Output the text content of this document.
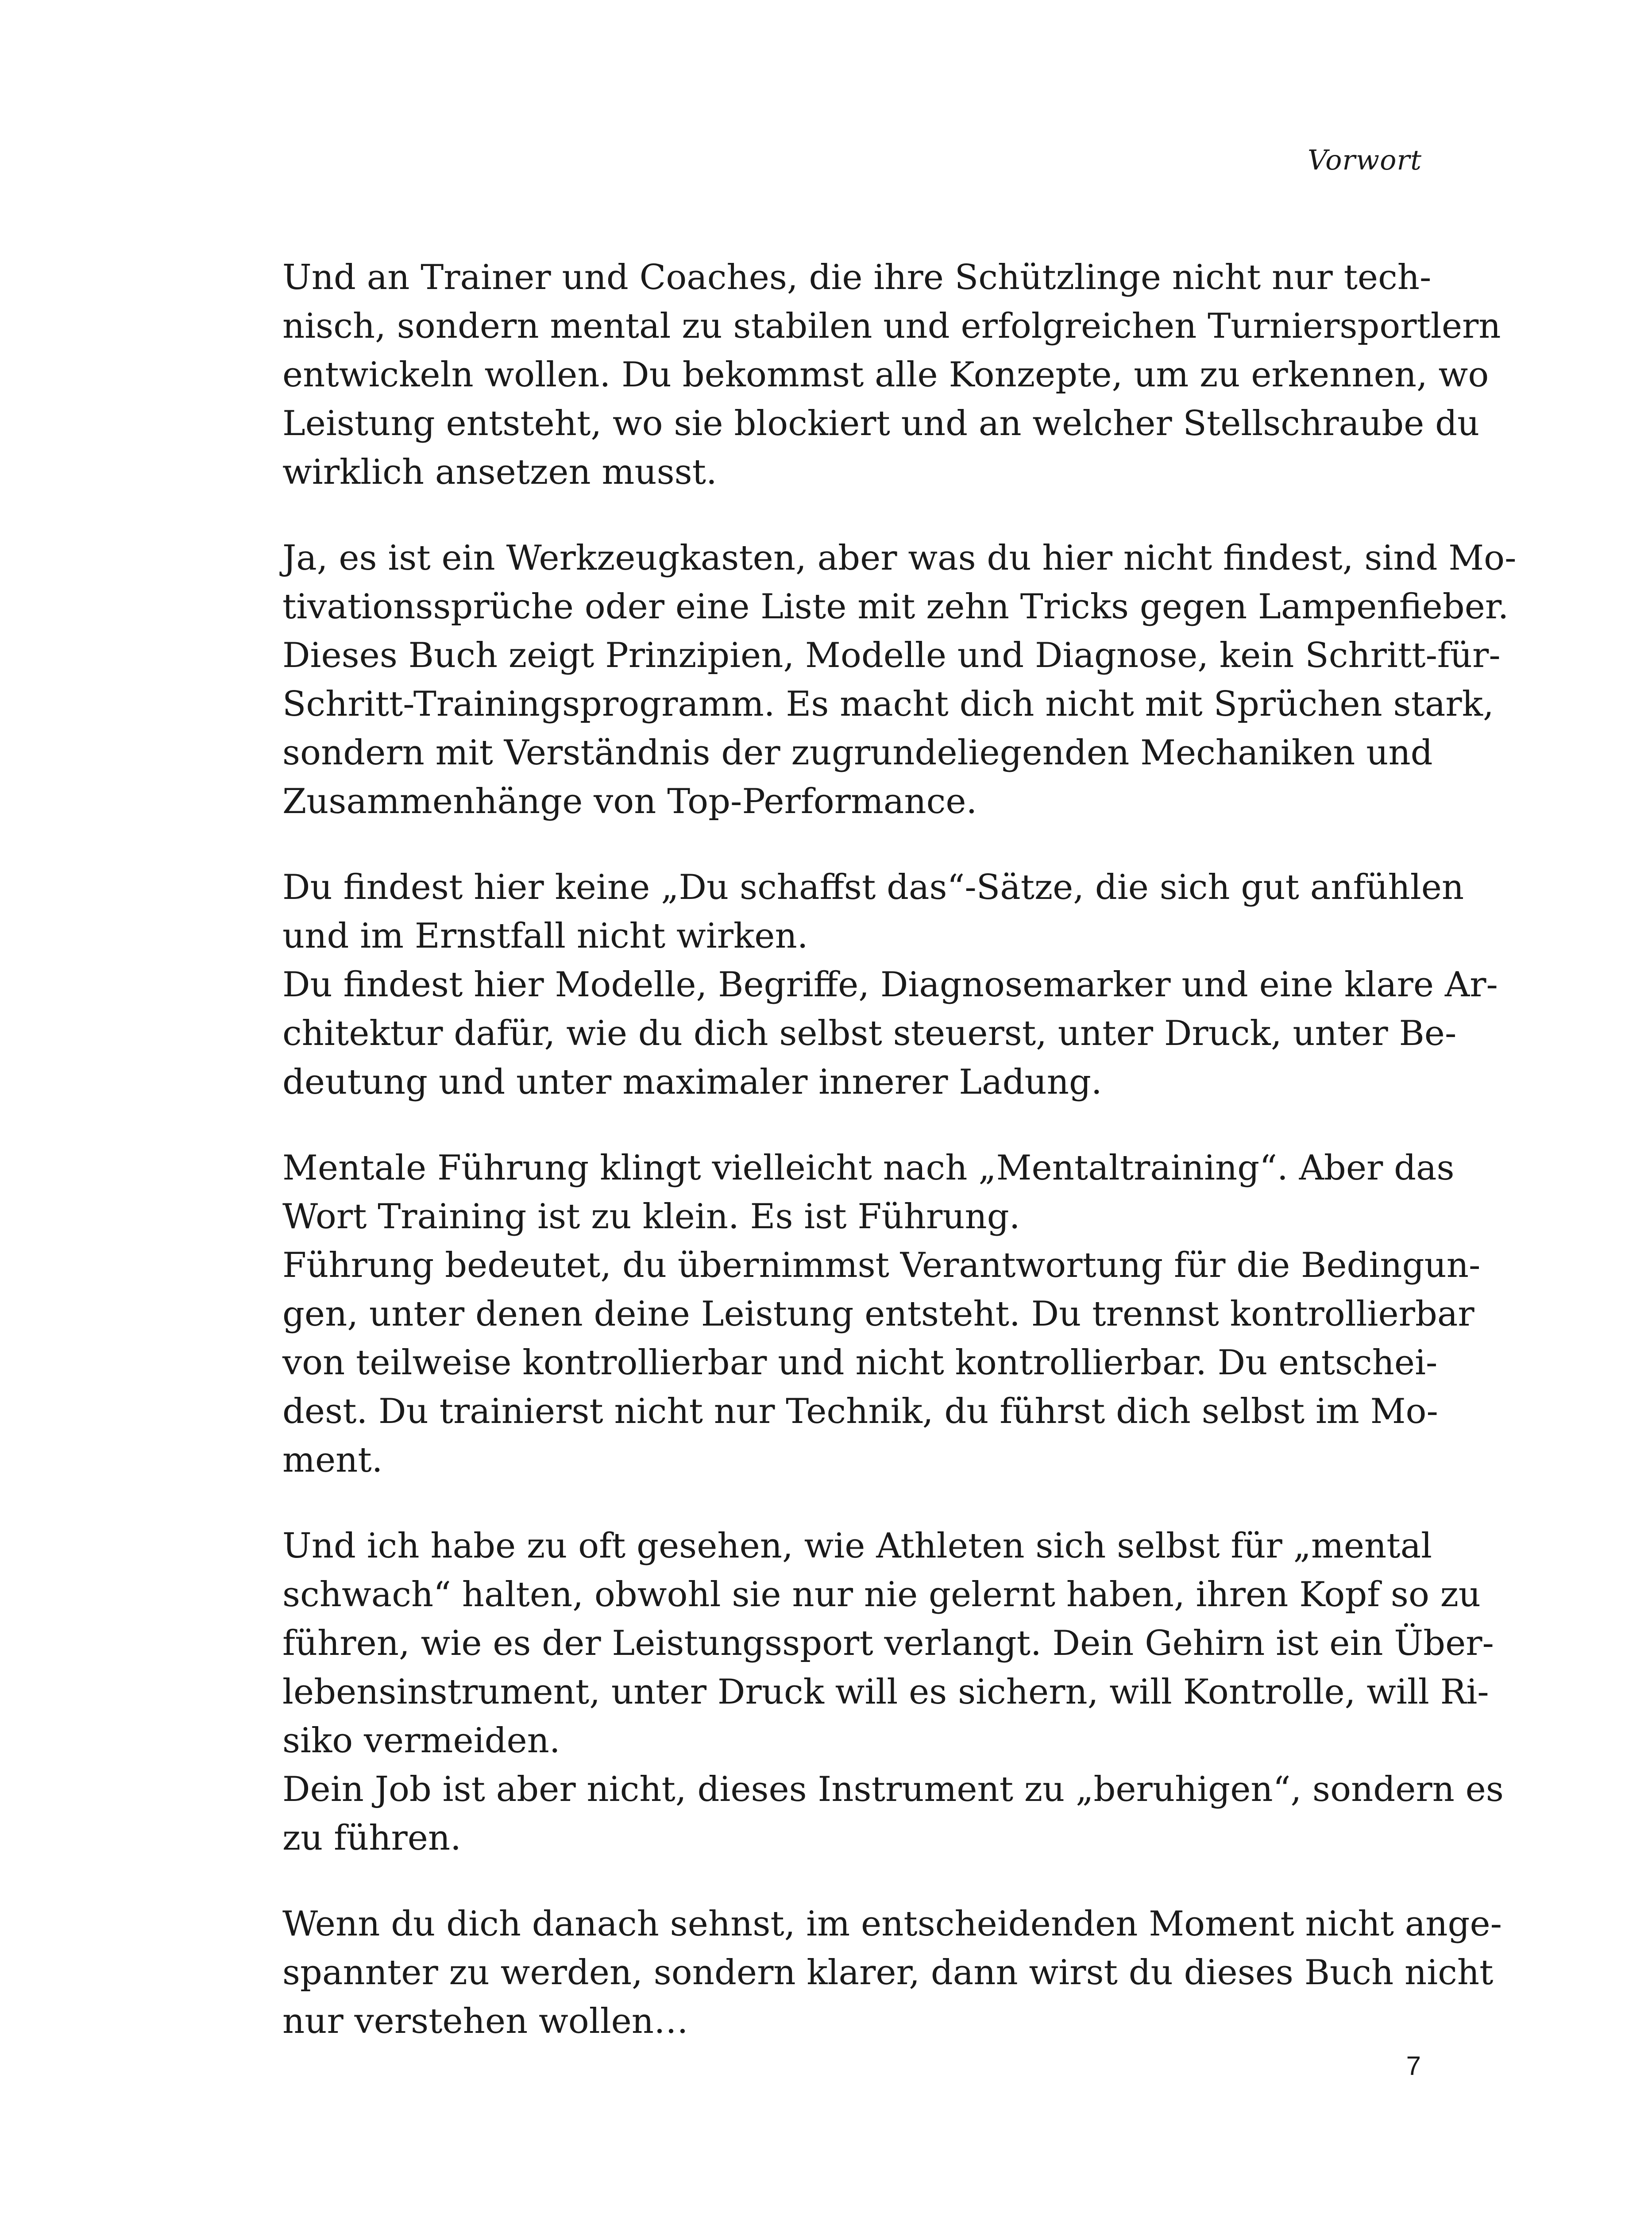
Vorwort

Und an Trainer und Coaches, die ihre Schützlinge nicht nur tech-
nisch, sondern mental zu stabilen und erfolgreichen Turniersportlern
entwickeln wollen. Du bekommst alle Konzepte, um zu erkennen, wo
Leistung entsteht, wo sie blockiert und an welcher Stellschraube du
wirklich ansetzen musst.

Ja, es ist ein Werkzeugkasten, aber was du hier nicht findest, sind Mo-
tivationssprüche oder eine Liste mit zehn Tricks gegen Lampenfieber.
Dieses Buch zeigt Prinzipien, Modelle und Diagnose, kein Schritt-für-
Schritt-Trainingsprogramm. Es macht dich nicht mit Sprüchen stark,
sondern mit Verständnis der zugrundeliegenden Mechaniken und
Zusammenhänge von Top-Performance.

Du findest hier keine „Du schaffst das“-Sätze, die sich gut anfühlen
und im Ernstfall nicht wirken.
Du findest hier Modelle, Begriffe, Diagnosemarker und eine klare Ar-
chitektur dafür, wie du dich selbst steuerst, unter Druck, unter Be-
deutung und unter maximaler innerer Ladung.

Mentale Führung klingt vielleicht nach „Mentaltraining“. Aber das
Wort Training ist zu klein. Es ist Führung.
Führung bedeutet, du übernimmst Verantwortung für die Bedingun-
gen, unter denen deine Leistung entsteht. Du trennst kontrollierbar
von teilweise kontrollierbar und nicht kontrollierbar. Du entschei-
dest. Du trainierst nicht nur Technik, du führst dich selbst im Mo-
ment.

Und ich habe zu oft gesehen, wie Athleten sich selbst für „mental
schwach“ halten, obwohl sie nur nie gelernt haben, ihren Kopf so zu
führen, wie es der Leistungssport verlangt. Dein Gehirn ist ein Über-
lebensinstrument, unter Druck will es sichern, will Kontrolle, will Ri-
siko vermeiden.
Dein Job ist aber nicht, dieses Instrument zu „beruhigen“, sondern es
zu führen.

Wenn du dich danach sehnst, im entscheidenden Moment nicht ange-
spannter zu werden, sondern klarer, dann wirst du dieses Buch nicht
nur verstehen wollen…

7
